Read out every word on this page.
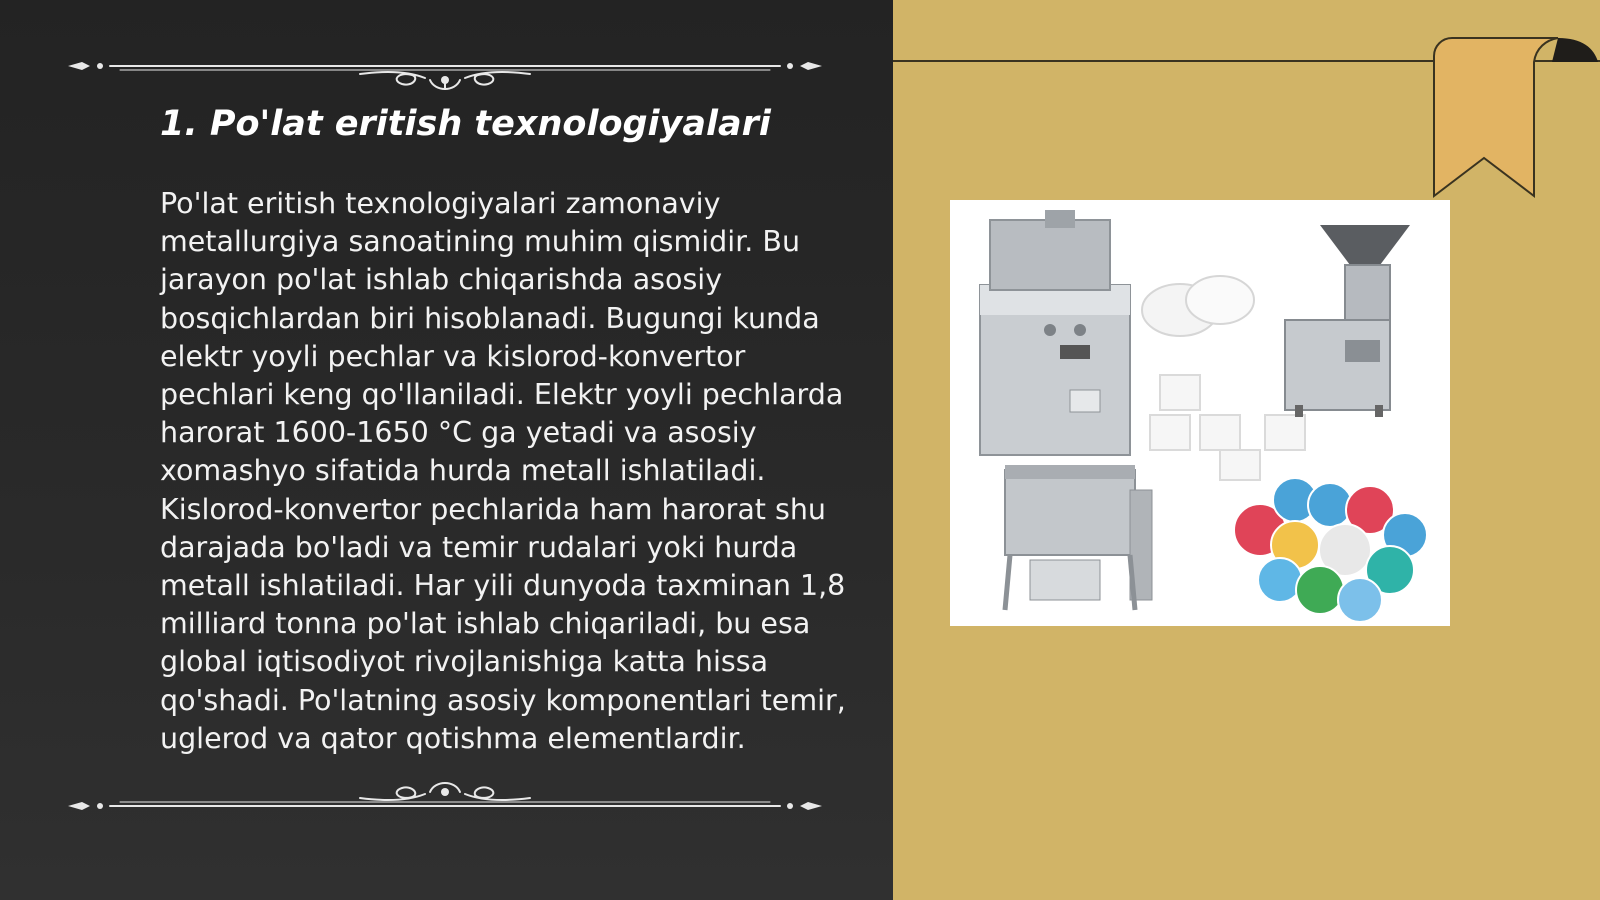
1. Po'lat eritish texnologiyalari

Po'lat eritish texnologiyalari zamonaviy metallurgiya sanoatining muhim qismidir. Bu jarayon po'lat ishlab chiqarishda asosiy bosqichlardan biri hisoblanadi. Bugungi kunda elektr yoyli pechlar va kislorod-konvertor pechlari keng qo'llaniladi. Elektr yoyli pechlarda harorat 1600-1650 °C ga yetadi va asosiy xomashyo sifatida hurda metall ishlatiladi. Kislorod-konvertor pechlarida ham harorat shu darajada bo'ladi va temir rudalari yoki hurda metall ishlatiladi. Har yili dunyoda taxminan 1,8 milliard tonna po'lat ishlab chiqariladi, bu esa global iqtisodiyot rivojlanishiga katta hissa qo'shadi. Po'latning asosiy komponentlari temir, uglerod va qator qotishma elementlardir.
